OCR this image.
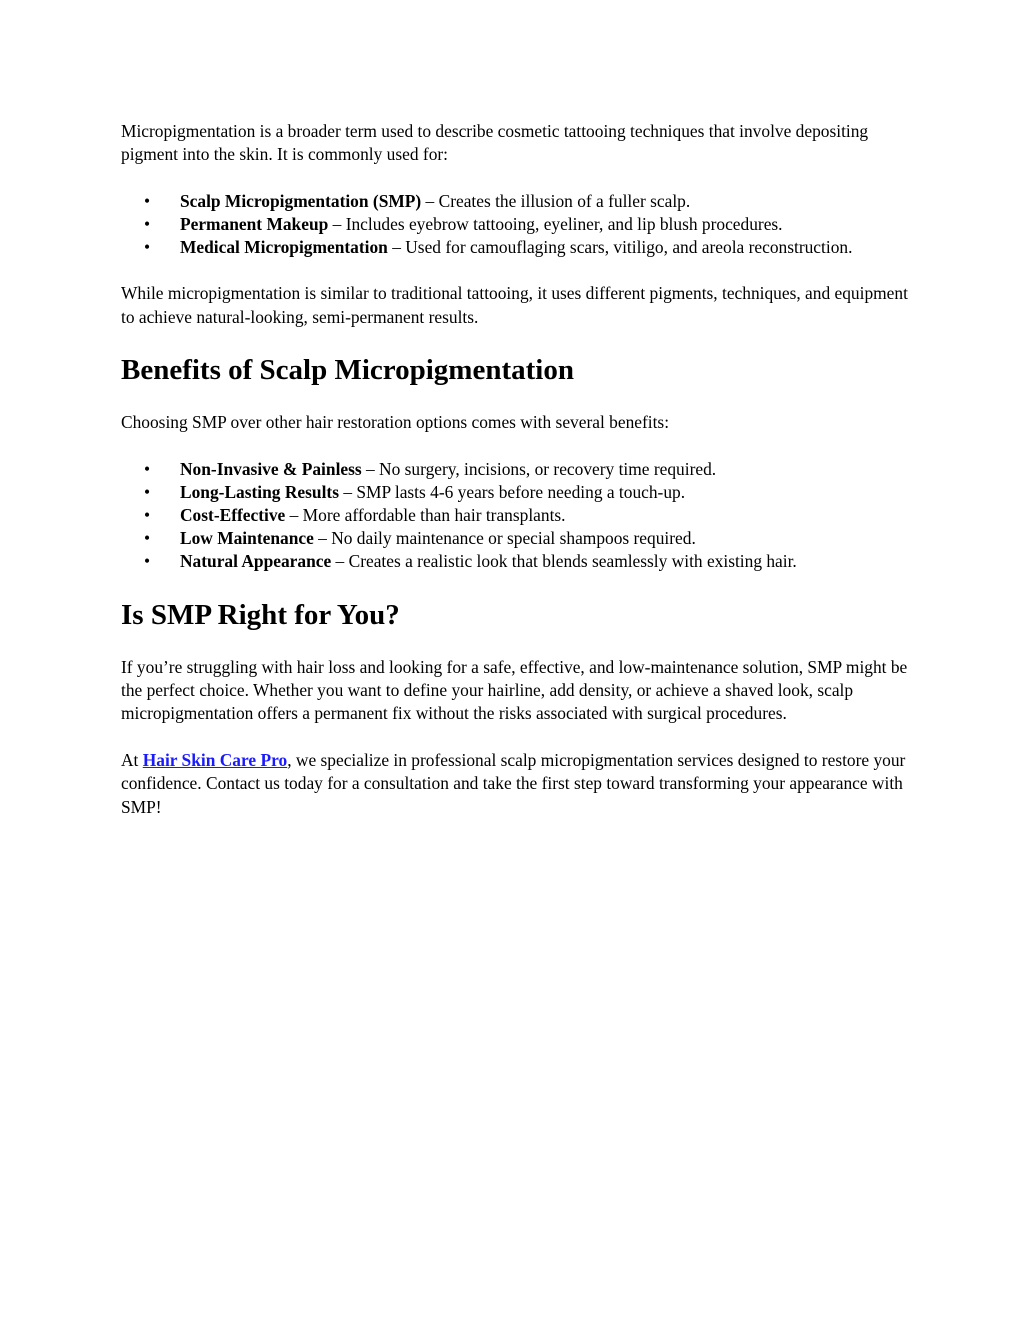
Micropigmentation is a broader term used to describe cosmetic tattooing techniques that involve depositing pigment into the skin. It is commonly used for:

• Scalp Micropigmentation (SMP) – Creates the illusion of a fuller scalp.
• Permanent Makeup – Includes eyebrow tattooing, eyeliner, and lip blush procedures.
• Medical Micropigmentation – Used for camouflaging scars, vitiligo, and areola reconstruction.

While micropigmentation is similar to traditional tattooing, it uses different pigments, techniques, and equipment to achieve natural-looking, semi-permanent results.

Benefits of Scalp Micropigmentation

Choosing SMP over other hair restoration options comes with several benefits:

• Non-Invasive & Painless – No surgery, incisions, or recovery time required.
• Long-Lasting Results – SMP lasts 4-6 years before needing a touch-up.
• Cost-Effective – More affordable than hair transplants.
• Low Maintenance – No daily maintenance or special shampoos required.
• Natural Appearance – Creates a realistic look that blends seamlessly with existing hair.
Is SMP Right for You?

If you’re struggling with hair loss and looking for a safe, effective, and low-maintenance solution, SMP might be the perfect choice. Whether you want to define your hairline, add density, or achieve a shaved look, scalp micropigmentation offers a permanent fix without the risks associated with surgical procedures.

At Hair Skin Care Pro, we specialize in professional scalp micropigmentation services designed to restore your confidence. Contact us today for a consultation and take the first step toward transforming your appearance with SMP!
